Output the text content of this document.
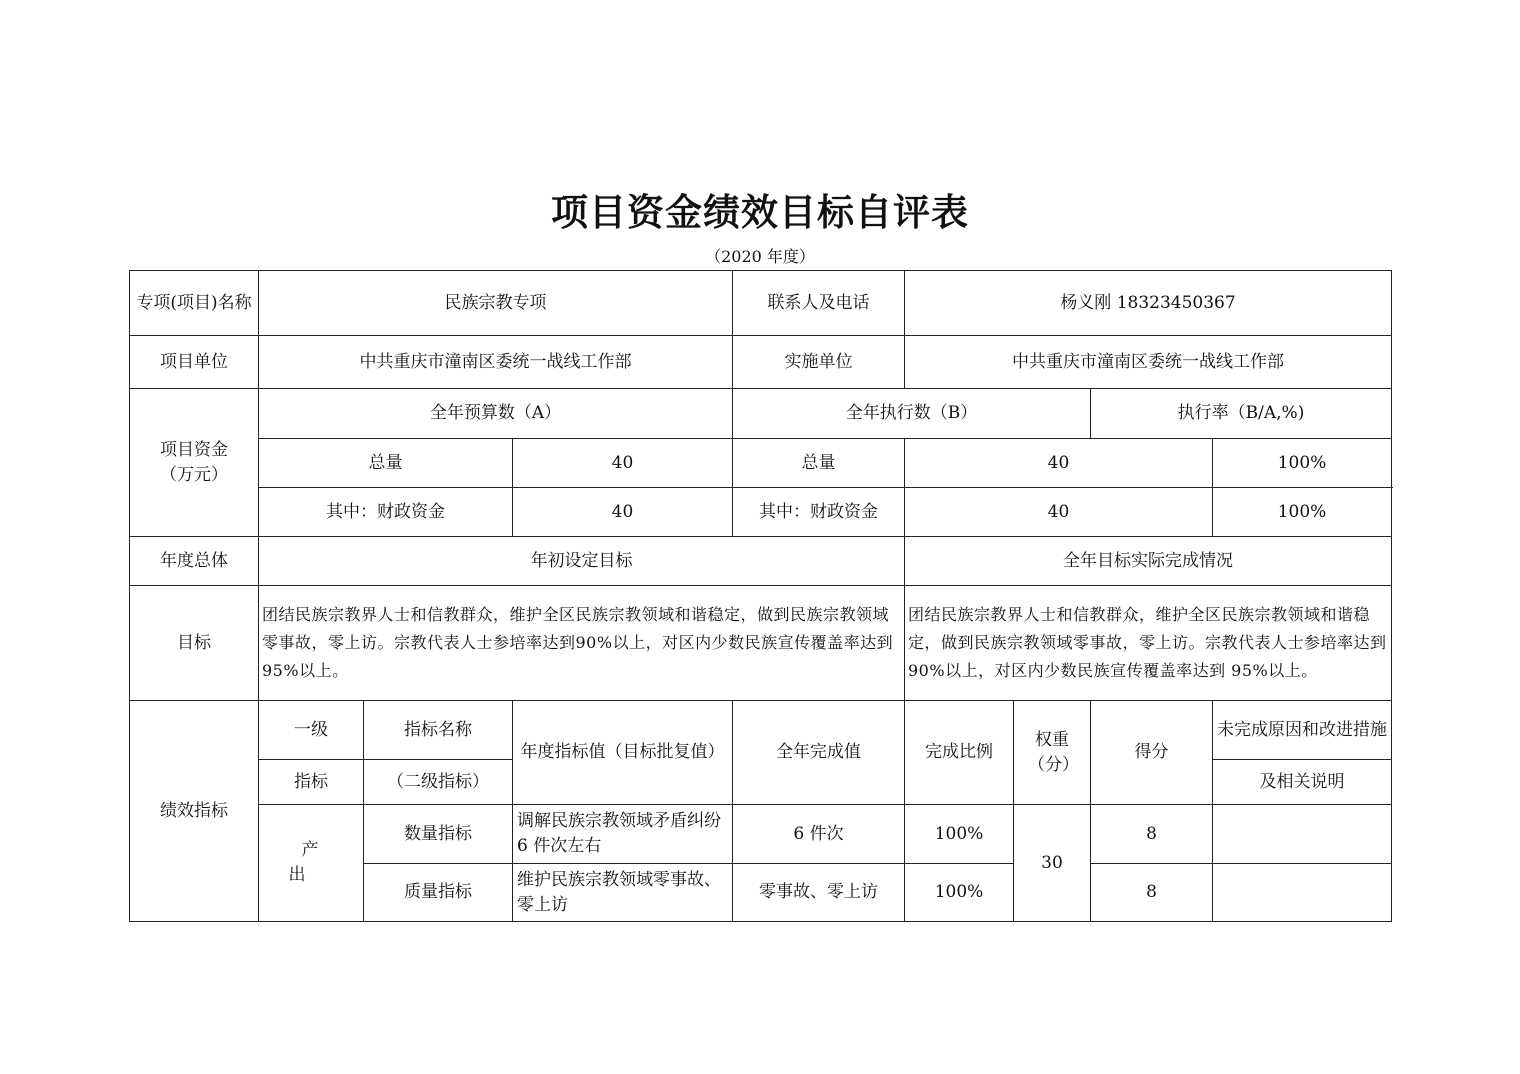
项目资金绩效目标自评表
（2020 年度）
专项(项目)名称	民族宗教专项			联系人及电话	杨义刚 18323450367			
项目单位	中共重庆市潼南区委统一战线工作部			实施单位	中共重庆市潼南区委统一战线工作部			
项目资金（万元）	全年预算数（A）			全年执行数（B）			执行率（B/A,%)	
	总量		40	总量	40			100%
	其中：财政资金		40	其中：财政资金	40			100%
年度总体	年初设定目标				全年目标实际完成情况			
目标	团结民族宗教界人士和信教群众，维护全区民族宗教领域和谐稳定，做到民族宗教领域零事故，零上访。宗教代表人士参培率达到90%以上，对区内少数民族宣传覆盖率达到95%以上。				团结民族宗教界人士和信教群众，维护全区民族宗教领域和谐稳定，做到民族宗教领域零事故，零上访。宗教代表人士参培率达到 90%以上，对区内少数民族宣传覆盖率达到 95%以上。			
绩效指标	一级	指标名称	年度指标值（目标批复值）	全年完成值	完成比例	权重（分）	得分	未完成原因和改进措施
	指标	（二级指标）						及相关说明
	产出	数量指标	调解民族宗教领域矛盾纠纷 6 件次左右	6 件次	100%	30	8	
		质量指标	维护民族宗教领域零事故、零上访	零事故、零上访	100%		8	
